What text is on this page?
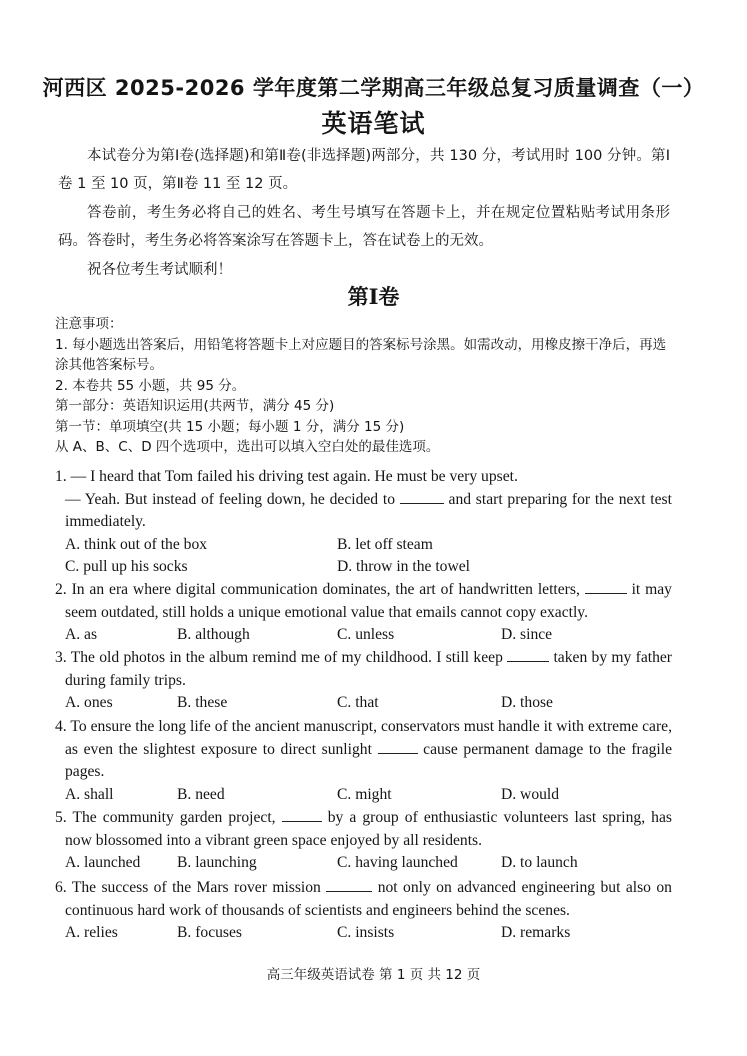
河西区 2025-2026 学年度第二学期高三年级总复习质量调查（一）
英语笔试
本试卷分为第Ⅰ卷(选择题)和第Ⅱ卷(非选择题)两部分，共 130 分，考试用时 100 分钟。第Ⅰ卷 1 至 10 页，第Ⅱ卷 11 至 12 页。
答卷前，考生务必将自己的姓名、考生号填写在答题卡上，并在规定位置粘贴考试用条形码。答卷时，考生务必将答案涂写在答题卡上，答在试卷上的无效。
祝各位考生考试顺利！
第Ⅰ卷

注意事项：

1. 每小题选出答案后，用铅笔将答题卡上对应题目的答案标号涂黑。如需改动，用橡皮擦干净后，再选涂其他答案标号。

2. 本卷共 55 小题，共 95 分。

第一部分：英语知识运用(共两节，满分 45 分)

第一节：单项填空(共 15 小题；每小题 1 分，满分 15 分)

从 A、B、C、D 四个选项中，选出可以填入空白处的最佳选项。

1. — I heard that Tom failed his driving test again. He must be very upset.

— Yeah. But instead of feeling down, he decided to	and start preparing for the next test immediately.

A. think out of the box	B. let off steam
C. pull up his socks	D. throw in the towel

2. In an era where digital communication dominates, the art of handwritten letters,	it may seem outdated, still holds a unique emotional value that emails cannot copy exactly.

A. as	B. although	C. unless	D. since

3. The old photos in the album remind me of my childhood. I still keep	taken by my father during family trips.

A. ones	B. these	C. that	D. those

4. To ensure the long life of the ancient manuscript, conservators must handle it with extreme care, as even the slightest exposure to direct sunlight	cause permanent damage to the fragile pages.

A. shall	B. need	C. might	D. would

5. The community garden project,	by a group of enthusiastic volunteers last spring, has now blossomed into a vibrant green space enjoyed by all residents.

A. launched B. launching	C. having launched	D. to launch

6. The success of the Mars rover mission	not only on advanced engineering but also on continuous hard work of thousands of scientists and engineers behind the scenes.

A. relies	B. focuses	C. insists	D. remarks
高三年级英语试卷 第 1 页 共 12 页
